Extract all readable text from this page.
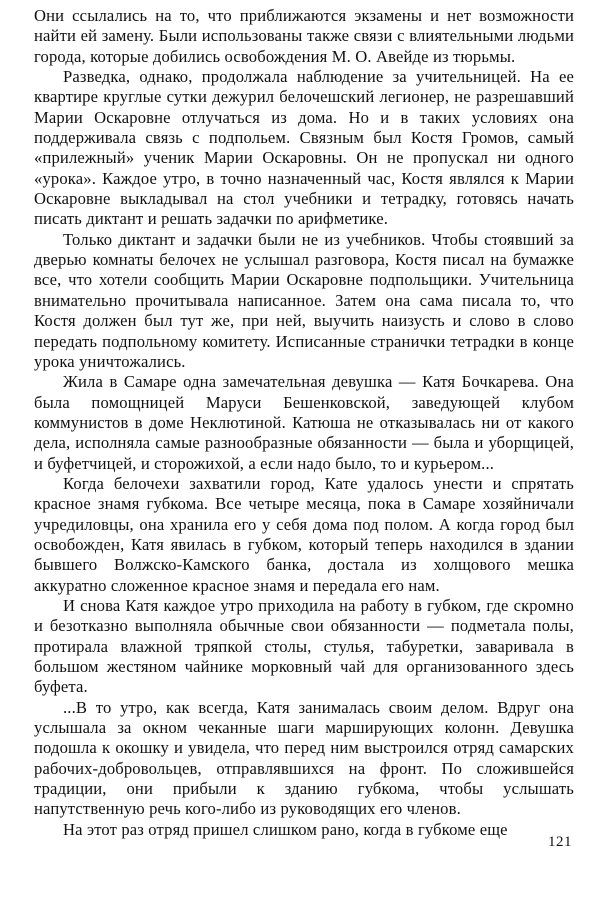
Они ссылались на то, что приближаются экзамены и нет возможности найти ей замену. Были использованы также связи с влиятельными людьми города, которые добились освобождения М. О. Авейде из тюрьмы.

Разведка, однако, продолжала наблюдение за учительницей. На ее квартире круглые сутки дежурил белочешский легионер, не разрешавший Марии Оскаровне отлучаться из дома. Но и в таких условиях она поддерживала связь с подпольем. Связным был Костя Громов, самый «прилежный» ученик Марии Оскаровны. Он не пропускал ни одного «урока». Каждое утро, в точно назначенный час, Костя являлся к Марии Оскаровне выкладывал на стол учебники и тетрадку, готовясь начать писать диктант и решать задачки по арифметике.

Только диктант и задачки были не из учебников. Чтобы стоявший за дверью комнаты белочех не услышал разговора, Костя писал на бумажке все, что хотели сообщить Марии Оскаровне подпольщики. Учительница внимательно прочитывала написанное. Затем она сама писала то, что Костя должен был тут же, при ней, выучить наизусть и слово в слово передать подпольному комитету. Исписанные странички тетрадки в конце урока уничтожались.

Жила в Самаре одна замечательная девушка — Катя Бочкарева. Она была помощницей Маруси Бешенковской, заведующей клубом коммунистов в доме Неклютиной. Катюша не отказывалась ни от какого дела, исполняла самые разнообразные обязанности — была и уборщицей, и буфетчицей, и сторожихой, а если надо было, то и курьером...

Когда белочехи захватили город, Кате удалось унести и спрятать красное знамя губкома. Все четыре месяца, пока в Самаре хозяйничали учредиловцы, она хранила его у себя дома под полом. А когда город был освобожден, Катя явилась в губком, который теперь находился в здании бывшего Волжско-Камского банка, достала из холщового мешка аккуратно сложенное красное знамя и передала его нам.

И снова Катя каждое утро приходила на работу в губком, где скромно и безотказно выполняла обычные свои обязанности — подметала полы, протирала влажной тряпкой столы, стулья, табуретки, заваривала в большом жестяном чайнике морковный чай для организованного здесь буфета.

...В то утро, как всегда, Катя занималась своим делом. Вдруг она услышала за окном чеканные шаги марширующих колонн. Девушка подошла к окошку и увидела, что перед ним выстроился отряд самарских рабочих-добровольцев, отправлявшихся на фронт. По сложившейся традиции, они прибыли к зданию губкома, чтобы услышать напутственную речь кого-либо из руководящих его членов.

На этот раз отряд пришел слишком рано, когда в губкоме еще

121
